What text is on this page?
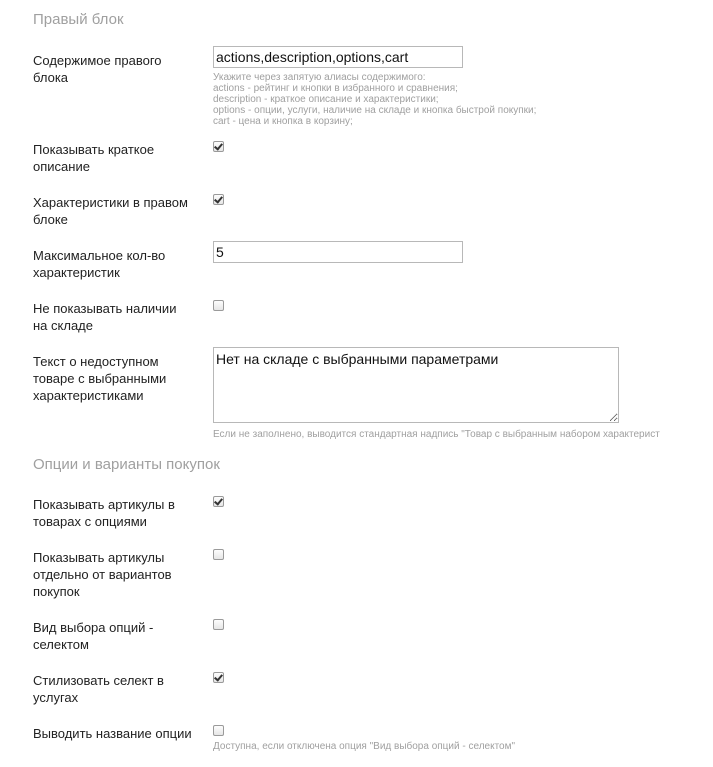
Правый блок
Содержимое правого блока
actions,description,options,cart	Укажите через запятую алиасы содержимого:
actions - рейтинг и кнопки в избранного и сравнения;
description - краткое описание и характеристики;
options - опции, услуги, наличие на складе и кнопка быстрой покупки;
cart - цена и кнопка в корзину;
Показывать краткое описание
Характеристики в правом блоке
Максимальное кол-во характеристик
5
Не показывать наличии на складе
Текст о недоступном товаре с выбранными характеристиками
Нет на складе с выбранными параметрами
Если не заполнено, выводится стандартная надпись "Товар с выбранным набором характерист
Опции и варианты покупок
Показывать артикулы в товарах с опциями
Показывать артикулы отдельно от вариантов покупок
Вид выбора опций - селектом
Стилизовать селект в услугах
Выводить название опции
Доступна, если отключена опция "Вид выбора опций - селектом"
